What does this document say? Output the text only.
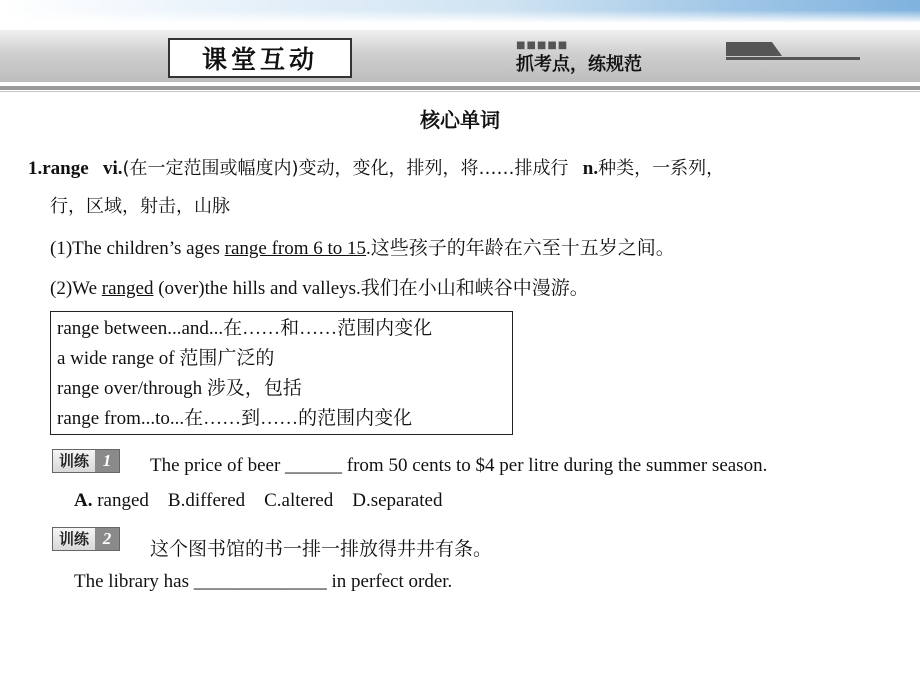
课堂互动	■■■■■
抓考点，练规范
核心单词
1.range vi.(在一定范围或幅度内)变动，变化，排列，将……排成行 n.种类，一系列，
行，区域，射击，山脉
(1)The children’s ages range from 6 to 15.这些孩子的年龄在六至十五岁之间。
(2)We ranged (over)the hills and valleys.我们在小山和峡谷中漫游。
range between...and...在……和……范围内变化
a wide range of 范围广泛的
range over/through 涉及，包括
range from...to...在……到……的范围内变化
训练 1	The price of beer ______ from 50 cents to $4 per litre during the summer season.
A. ranged    B.differed    C.altered    D.separated
训练 2	这个图书馆的书一排一排放得井井有条。
The library has ______________ in perfect order.
